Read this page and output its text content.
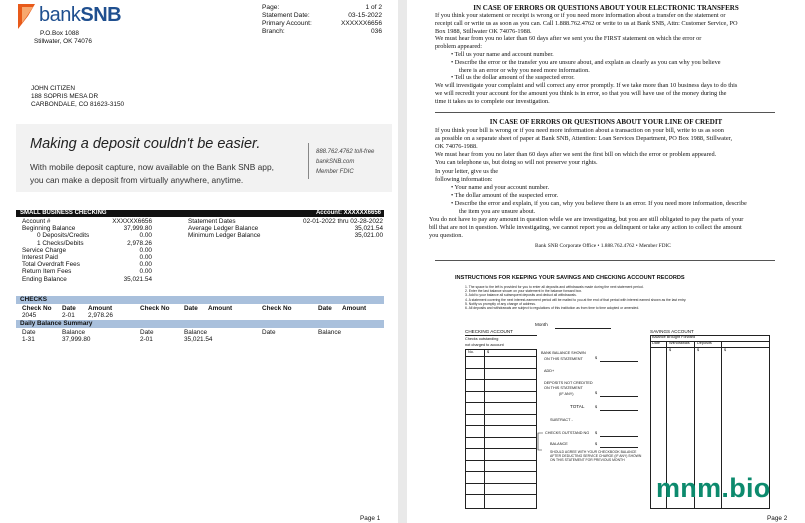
bankSNB
P.O.Box 1088
Stillwater, OK 74076
Page:	1 of 2
Statement Date:	03-15-2022
Primary Account:	XXXXXX6656
Branch:	036
JOHN CITIZEN
188 SOPRIS MESA DR
CARBONDALE, CO 81623-3150
Making a deposit couldn't be easier.
With mobile deposit capture, now available on the Bank SNB app,
you can make a deposit from virtually anywhere, anytime.
888.762.4762 toll-free
bankSNB.com
Member FDIC
SMALL BUSINESS CHECKING	Account: XXXXXX6656
Account #	XXXXXX6656
Beginning Balance	37,999.80
0 Deposits/Credits	0.00
1 Checks/Debits	2,978.26
Service Charge	0.00
Interest Paid	0.00
Total Overdraft Fees	0.00
Return Item Fees	0.00
Ending Balance	35,021.54
Statement Dates	02-01-2022 thru 02-28-2022
Average Ledger Balance	35,021.54
Minimum Ledger Balance	35,021.00
CHECKS
Check No Date Amount	Check No Date Amount	Check No	Date Amount
2045	2-01 2,978.26
Daily Balance Summary
Date	Balance	Date	Balance	Date	Balance
1-31	37,999.80	2-01	35,021.54
Page 1
IN CASE OF ERRORS OR QUESTIONS ABOUT YOUR ELECTRONIC TRANSFERS
If you think your statement or receipt is wrong or if you need more information about a transfer on the statement or
receipt call or write us as soon as you can. Call 1.888.762.4762 or write to us at Bank SNB, Attn: Customer Service, PO
Box 1988, Stillwater OK 74076-1988.
We must hear from you no later than 60 days after we sent you the FIRST statement on which the error or
problem appeared:
• Tell us your name and account number.
• Describe the error or the transfer you are unsure about, and explain as clearly as you can why you believe
there is an error or why you need more information.
• Tell us the dollar amount of the suspected error.
We will investigate your complaint and will correct any error promptly. If we take more than 10 business days to do this
we will recredit your account for the amount you think is in error, so that you will have use of the money during the
time it takes us to complete our investigation.
IN CASE OF ERRORS OR QUESTIONS ABOUT YOUR LINE OF CREDIT
If you think your bill is wrong or if you need more information about a transaction on your bill, write to us as soon
as possible on a separate sheet of paper at Bank SNB, Attention: Loan Services Department, PO Box 1988, Stillwater,
OK 74076-1988.
We must hear from you no later than 60 days after we sent the first bill on which the error or problem appeared.
You can telephone us, but doing so will not preserve your rights.
In your letter, give us the
following information:
• Your name and your account number.
• The dollar amount of the suspected error.
• Describe the error and explain, if you can, why you believe there is an error. If you need more information, describe
the item you are unsure about.
You do not have to pay any amount in question while we are investigating, but you are still obligated to pay the parts of your
bill that are not in question. While investigating, we cannot report you as delinquent or take any action to collect the amount
you question.
Bank SNB Corporate Office • 1.888.762.4762 • Member FDIC
INSTRUCTIONS FOR KEEPING YOUR SAVINGS AND CHECKING ACCOUNT RECORDS
1. The space to the left is provided for you to enter all deposits and withdrawals made during the next statement period.
2. Enter the last balance shown on your statement in the balance forward box.
3. Add to your balance all subsequent deposits and deduct all withdrawals.
4. A statement covering the next interest-earnment period will be mailed to you at the end of that period with interest earned shown as the last entry.
5. Notify us promptly of any change of address.
6. All deposits and withdrawals are subject to regulations of this institution as from time to time adopted or amended.
Month
CHECKING ACCOUNT
Checks outstanding
not charged to account
No.	$	BANK BALANCE SHOWN
ON THIS STATEMENT	$
ADD+
DEPOSITS NOT CREDITED
ON THIS STATEMENT
(IF ANY)	$
TOTAL	$
SUBTRACT -
CHECKS OUTSTAND NG $
BALANCE	$
SHOULD AGREE WITH YOUR CHECKBOOK BALANCE
AFTER DEDUCTING SERVICE CHARGE (IF ANY) SHOWN
ON THIS STATEMENT FOR PREVIOUS MONTH
SAVINGS ACCOUNT
Balance Brought Forward
Date Withdrawals Deposits
$	$	$
Page 2
mnm.bio
